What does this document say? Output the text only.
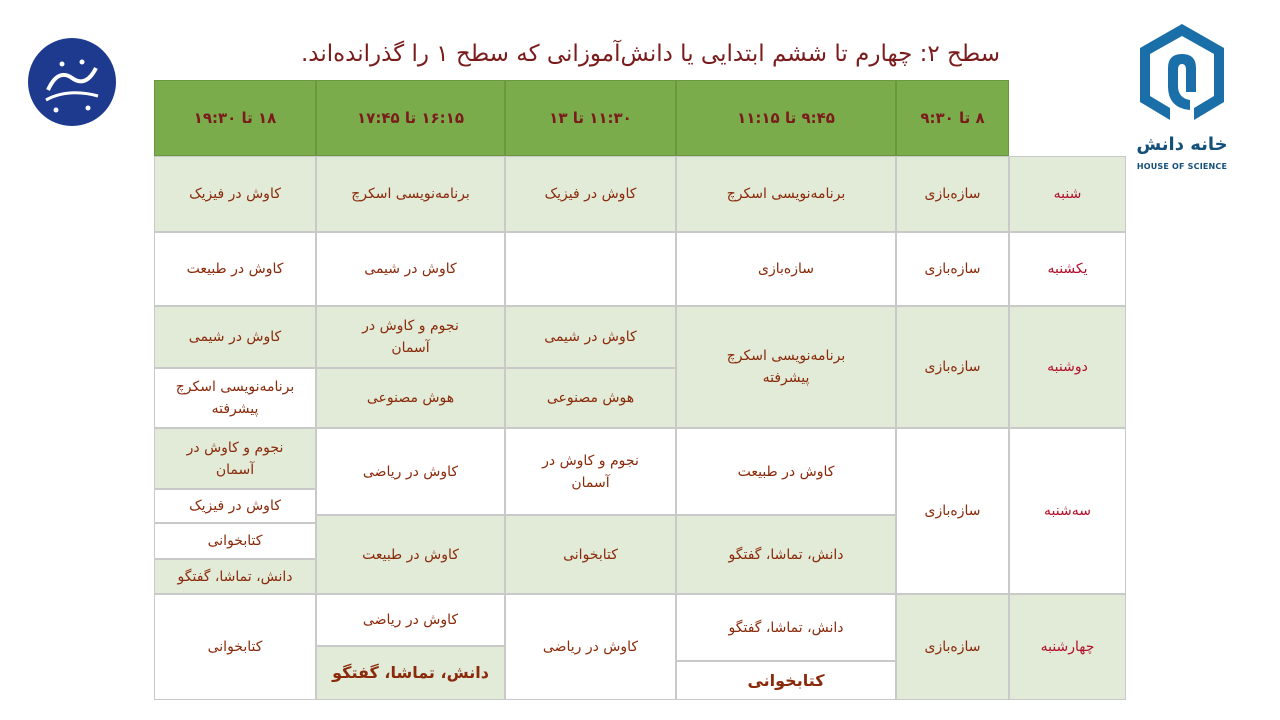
سطح ۲: چهارم تا ششم ابتدایی یا دانش‌آموزانی که سطح ۱ را گذرانده‌اند.
خانه دانش
HOUSE OF SCIENCE
۸ تا ۹:۳۰
۹:۴۵ تا ۱۱:۱۵
۱۱:۳۰ تا ۱۳
۱۶:۱۵ تا ۱۷:۴۵
۱۸ تا ۱۹:۳۰
شنبه
یکشنبه
دوشنبه
سه‌شنبه
چهارشنبه
ساز‌ه‌بازی
ساز‌ه‌بازی
ساز‌ه‌بازی
ساز‌ه‌بازی
ساز‌ه‌بازی
برنامه‌نویسی اسکرچ
کاوش در فیزیک
برنامه‌نویسی اسکرچ
کاوش در فیزیک
ساز‌ه‌بازی
کاوش در شیمی
کاوش در طبیعت
برنامه‌نویسی اسکرچ پیشرفته
کاوش در شیمی
هوش مصنوعی
نجوم و کاوش در آسمان
هوش مصنوعی
کاوش در شیمی
برنامه‌نویسی اسکرچ پیشرفته
کاوش در طبیعت
دانش، تماشا، گفتگو
نجوم و کاوش در آسمان
کتابخوانی
کاوش در ریاضی
کاوش در طبیعت
نجوم و کاوش در آسمان
کاوش در فیزیک
کتابخوانی
دانش، تماشا، گفتگو
دانش، تماشا، گفتگو
کتابخوانی
کاوش در ریاضی
کاوش در ریاضی
دانش، تماشا، گفتگو
کتابخوانی
